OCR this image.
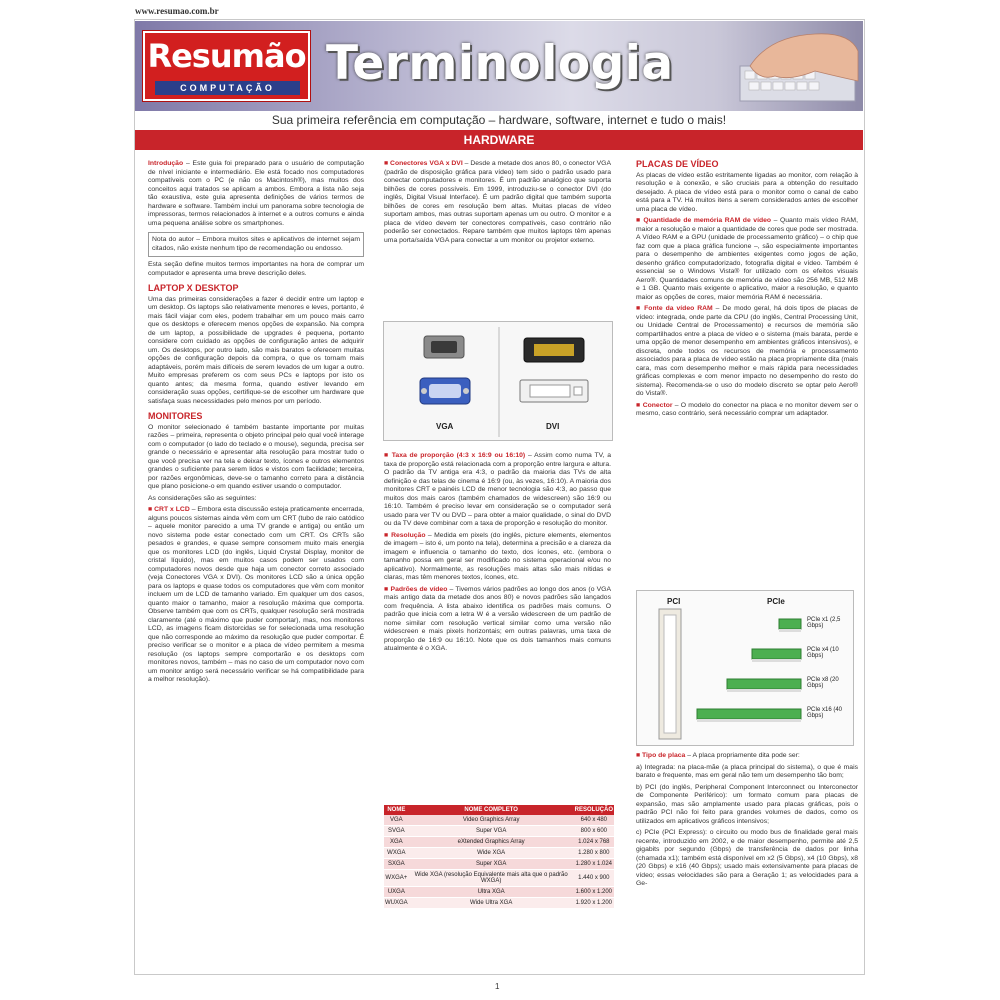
www.resumao.com.br
Resumão
COMPUTAÇÃO	Terminologia
Sua primeira referência em computação – hardware, software, internet e tudo o mais!
HARDWARE

Introdução – Este guia foi preparado para o usuário de computação de nível iniciante e intermediário. Ele está focado nos computadores compatíveis com o PC (e não os Macintosh®), mas muitos dos conceitos aqui tratados se aplicam a ambos. Embora a lista não seja tão exaustiva, este guia apresenta definições de vários termos de hardware e software. Também inclui um panorama sobre tecnologia de impressoras, termos relacionados à internet e a outros comuns e ainda uma pequena análise sobre os smartphones.

Nota do autor – Embora muitos sites e aplicativos de internet sejam citados, não existe nenhum tipo de recomendação ou endosso.

Esta seção define muitos termos importantes na hora de comprar um computador e apresenta uma breve descrição deles.

LAPTOP X DESKTOP

Uma das primeiras considerações a fazer é decidir entre um laptop e um desktop. Os laptops são relativamente menores e leves, portanto, é mais fácil viajar com eles, podem trabalhar em um pouco mais carro que os desktops e oferecem menos opções de expansão. Na compra de um laptop, a possibilidade de upgrades é pequena, portanto considere com cuidado as opções de configuração antes de adquirir um. Os desktops, por outro lado, são mais baratos e oferecem muitas opções de configuração depois da compra, o que os tornam mais adaptáveis, porém mais difíceis de serem levados de um lugar a outro. Muito empresas preferem os com seus PCs e laptops por isto os quanto antes; da mesma forma, quando estiver levando em consideração suas opções, certifique-se de escolher um hardware que satisfaça suas necessidades pelo menos por um período.

MONITORES

O monitor selecionado é também bastante importante por muitas razões – primeira, representa o objeto principal pelo qual você interage com o computador (o lado do teclado e o mouse), segunda, precisa ser grande o necessário e apresentar alta resolução para mostrar tudo o que você precisa ver na tela e deixar texto, ícones e outros elementos grandes o suficiente para serem lidos e vistos com facilidade; terceira, por razões ergonômicas, deve-se o tamanho correto para a distância que plano posicione-o em quando estiver usando o computador.

As considerações são as seguintes:

■ CRT x LCD – Embora esta discussão esteja praticamente encerrada, alguns poucos sistemas ainda vêm com um CRT (tubo de raio catódico – aquele monitor parecido a uma TV grande e antiga) ou então um novo sistema pode estar conectado com um CRT. Os CRTs são pesados e grandes, e quase sempre consomem muito mais energia que os monitores LCD (do inglês, Liquid Crystal Display, monitor de cristal líquido), mas em muitos casos podem ser usados com computadores novos desde que haja um conector correto associado (veja Conectores VGA x DVI). Os monitores LCD são a única opção para os laptops e quase todos os computadores que vêm com monitor incluem um de LCD de tamanho variado. Em qualquer um dos casos, quanto maior o tamanho, maior a resolução máxima que comporta. Observe também que com os CRTs, qualquer resolução será mostrada claramente (até o máximo que puder comportar), mas, nos monitores LCD, as imagens ficam distorcidas se for selecionada uma resolução que não corresponde ao máximo da resolução que puder comportar. É preciso verificar se o monitor e a placa de vídeo permitem a mesma resolução (os laptops sempre comportarão e os desktops com monitores novos, também – mas no caso de um computador novo com um monitor antigo será necessário verificar se há compatibilidade para a melhor resolução).

■ Conectores VGA x DVI – Desde a metade dos anos 80, o conector VGA (padrão de disposição gráfica para vídeo) tem sido o padrão usado para conectar computadores e monitores. É um padrão analógico que suporta bilhões de cores possíveis. Em 1999, introduziu-se o conector DVI (do inglês, Digital Visual Interface). É um padrão digital que também suporta bilhões de cores em resolução bem altas. Muitas placas de vídeo suportam ambos, mas outras suportam apenas um ou outro. O monitor e a placa de vídeo devem ter conectores compatíveis, caso contrário não poderão ser conectados. Repare também que muitos laptops têm apenas uma porta/saída VGA para conectar a um monitor ou projetor externo.

VGA	DVI

■ Taxa de proporção (4:3 x 16:9 ou 16:10) – Assim como numa TV, a taxa de proporção está relacionada com a proporção entre largura e altura. O padrão da TV antiga era 4:3, o padrão da maioria das TVs de alta definição e das telas de cinema é 16:9 (ou, às vezes, 16:10). A maioria dos monitores CRT e painéis LCD de menor tecnologia são 4:3, ao passo que muitos dos mais caros (também chamados de widescreen) são 16:9 ou 16:10. Também é preciso levar em consideração se o computador será usado para ver TV ou DVD – para obter a maior qualidade, o sinal do DVD ou da TV deve combinar com a taxa de proporção e resolução do monitor.

■ Resolução – Medida em pixels (do inglês, picture elements, elementos de imagem – isto é, um ponto na tela), determina a precisão e a clareza da imagem e influencia o tamanho do texto, dos ícones, etc. (embora o tamanho possa em geral ser modificado no sistema operacional e/ou no aplicativo). Normalmente, as resoluções mais altas são mais nítidas e claras, mas têm menores textos, ícones, etc.

■ Padrões de vídeo – Tivemos vários padrões ao longo dos anos (o VGA mais antigo data da metade dos anos 80) e novos padrões são lançados com frequência. A lista abaixo identifica os padrões mais comuns. O padrão que inicia com a letra W é a versão widescreen de um padrão de nome similar com resolução vertical similar como uma versão não widescreen e mais pixels horizontais; em outras palavras, uma taxa de proporção de 16:9 ou 16:10. Note que os dois tamanhos mais comuns atualmente é o XGA.

NOME	NOME COMPLETO	RESOLUÇÃO
VGA	Video Graphics Array	640 x 480
SVGA	Super VGA	800 x 600
XGA	eXtended Graphics Array	1.024 x 768
WXGA	Wide XGA	1.280 x 800
SXGA	Super XGA	1.280 x 1.024
WXGA+	Wide XGA (resolução Equivalente mais alta que o padrão WXGA)	1.440 x 900
UXGA	Ultra XGA	1.600 x 1.200
WUXGA	Wide Ultra XGA	1.920 x 1.200
PLACAS DE VÍDEO

As placas de vídeo estão estritamente ligadas ao monitor, com relação à resolução e à conexão, e são cruciais para a obtenção do resultado desejado. A placa de vídeo está para o monitor como o canal de cabo está para a TV. Há muitos itens a serem considerados antes de escolher uma placa de vídeo.

■ Quantidade de memória RAM de vídeo – Quanto mais vídeo RAM, maior a resolução e maior a quantidade de cores que pode ser mostrada. A Vídeo RAM e a GPU (unidade de processamento gráfico) – o chip que faz com que a placa gráfica funcione –, são especialmente importantes para o desempenho de ambientes exigentes como jogos de ação, desenho gráfico computadorizado, fotografia digital e vídeo. Também é essencial se o Windows Vista® for utilizado com os efeitos visuais Aero®. Quantidades comuns de memória de vídeo são 256 MB, 512 MB e 1 GB. Quanto mais exigente o aplicativo, maior a resolução, e quanto maior as opções de cores, maior memória RAM é necessária.

■ Fonte da vídeo RAM – De modo geral, há dois tipos de placas de vídeo: integrada, onde parte da CPU (do inglês, Central Processing Unit, ou Unidade Central de Processamento) e recursos de memória são compartilhados entre a placa de vídeo e o sistema (mais barata, perde e uma opção de menor desempenho em ambientes gráficos intensivos), e discreta, onde todos os recursos de memória e processamento associados para a placa de vídeo estão na placa propriamente dita (mais cara, mas com desempenho melhor e mais rápida para necessidades gráficas complexas e com menor impacto no desempenho do resto do sistema). Recomenda-se o uso do modelo discreto se optar pelo Aero® do Vista®.

■ Conector – O modelo do conector na placa e no monitor devem ser o mesmo, caso contrário, será necessário comprar um adaptador.

PCI	PCIe
PCIe x1 (2,5 Gbps)
PCIe x4 (10 Gbps)
PCIe x8 (20 Gbps)
PCIe x16 (40 Gbps)

■ Tipo de placa – A placa propriamente dita pode ser:

a) Integrada: na placa-mãe (a placa principal do sistema), o que é mais barato e frequente, mas em geral não tem um desempenho tão bom;

b) PCI (do inglês, Peripheral Component Interconnect ou Interconector de Componente Periférico): um formato comum para placas de expansão, mas são amplamente usado para placas gráficas, pois o padrão PCI não foi feito para grandes volumes de dados, como os utilizados em aplicativos gráficos intensivos;

c) PCIe (PCI Express): o circuito ou modo bus de finalidade geral mais recente, introduzido em 2002, e de maior desempenho, permite até 2,5 gigabits por segundo (Gbps) de transferência de dados por linha (chamada x1); também está disponível em x2 (5 Gbps), x4 (10 Gbps), x8 (20 Gbps) e x16 (40 Gbps); usado mais extensivamente para placas de vídeo; essas velocidades são para a Geração 1; as velocidades para a Ge-

1
